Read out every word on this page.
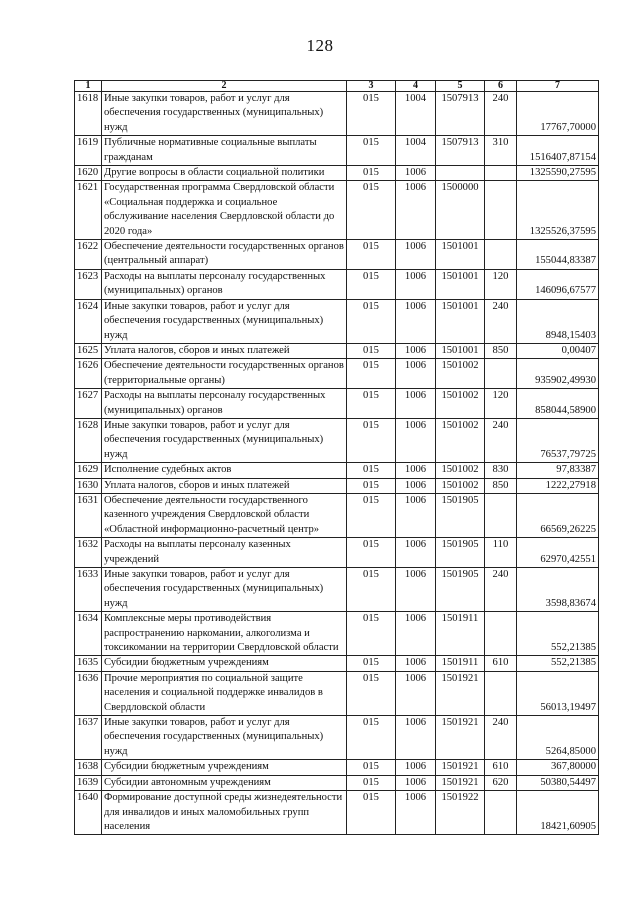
128
1	2	3	4	5	6	7
1618	Иные закупки товаров, работ и услуг для обеспечения государственных (муниципальных) нужд	015	1004	1507913	240	17767,70000
1619	Публичные нормативные социальные выплаты гражданам	015	1004	1507913	310	1516407,87154
1620	Другие вопросы в области социальной политики	015	1006			1325590,27595
1621	Государственная программа Свердловской области «Социальная поддержка и социальное обслуживание населения Свердловской области до 2020 года»	015	1006	1500000		1325526,37595
1622	Обеспечение деятельности государственных органов (центральный аппарат)	015	1006	1501001		155044,83387
1623	Расходы на выплаты персоналу государственных (муниципальных) органов	015	1006	1501001	120	146096,67577
1624	Иные закупки товаров, работ и услуг для обеспечения государственных (муниципальных) нужд	015	1006	1501001	240	8948,15403
1625	Уплата налогов, сборов и иных платежей	015	1006	1501001	850	0,00407
1626	Обеспечение деятельности государственных органов (территориальные органы)	015	1006	1501002		935902,49930
1627	Расходы на выплаты персоналу государственных (муниципальных) органов	015	1006	1501002	120	858044,58900
1628	Иные закупки товаров, работ и услуг для обеспечения государственных (муниципальных) нужд	015	1006	1501002	240	76537,79725
1629	Исполнение судебных актов	015	1006	1501002	830	97,83387
1630	Уплата налогов, сборов и иных платежей	015	1006	1501002	850	1222,27918
1631	Обеспечение деятельности государственного казенного учреждения Свердловской области «Областной информационно-расчетный центр»	015	1006	1501905		66569,26225
1632	Расходы на выплаты персоналу казенных учреждений	015	1006	1501905	110	62970,42551
1633	Иные закупки товаров, работ и услуг для обеспечения государственных (муниципальных) нужд	015	1006	1501905	240	3598,83674
1634	Комплексные меры противодействия распространению наркомании, алкоголизма и токсикомании на территории Свердловской области	015	1006	1501911		552,21385
1635	Субсидии бюджетным учреждениям	015	1006	1501911	610	552,21385
1636	Прочие мероприятия по социальной защите населения и социальной поддержке инвалидов в Свердловской области	015	1006	1501921		56013,19497
1637	Иные закупки товаров, работ и услуг для обеспечения государственных (муниципальных) нужд	015	1006	1501921	240	5264,85000
1638	Субсидии бюджетным учреждениям	015	1006	1501921	610	367,80000
1639	Субсидии автономным учреждениям	015	1006	1501921	620	50380,54497
1640	Формирование доступной среды жизнедеятельности для инвалидов и иных маломобильных групп населения	015	1006	1501922		18421,60905
